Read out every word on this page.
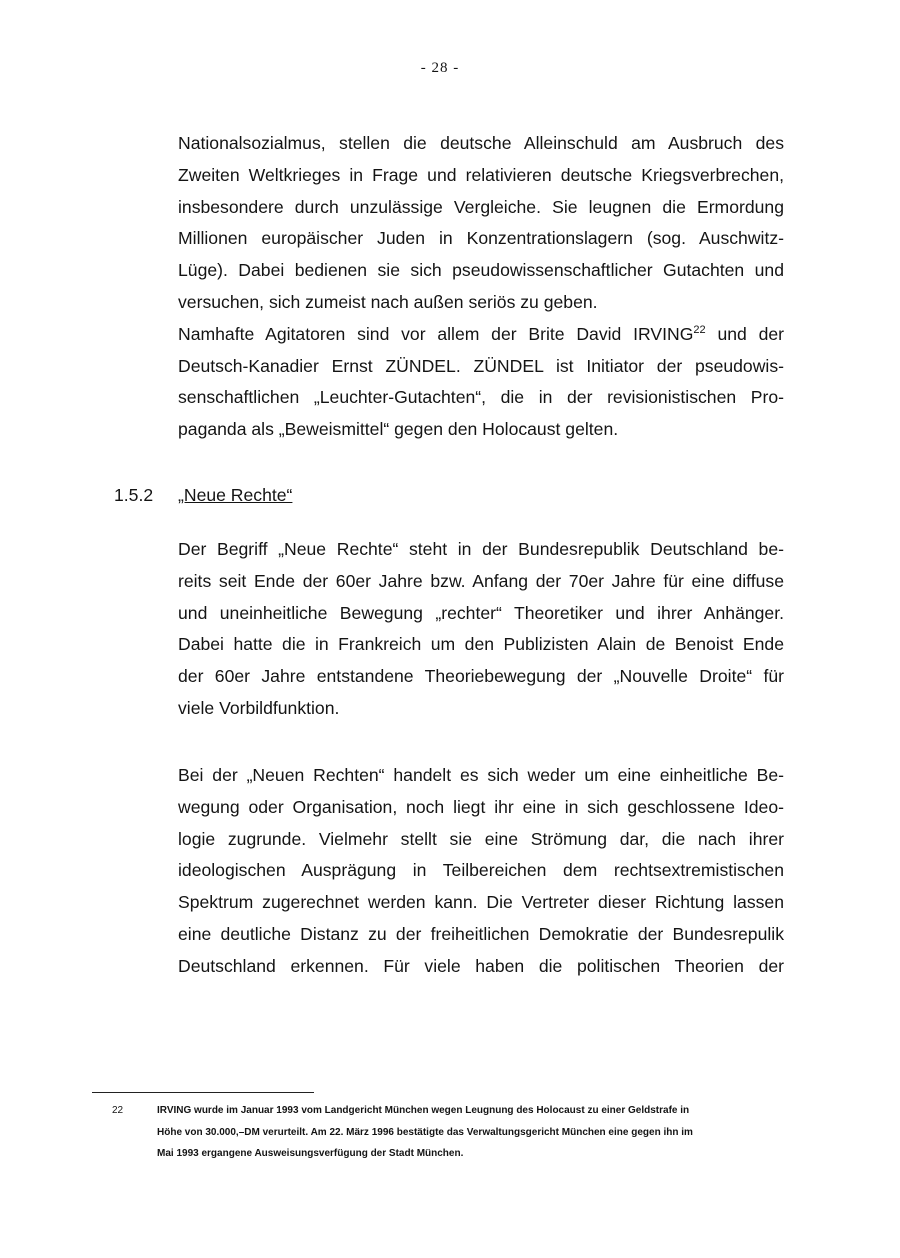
- 28 -
Nationalsozialmus, stellen die deutsche Alleinschuld am Ausbruch des
Zweiten Weltkrieges in Frage und relativieren deutsche Kriegsverbrechen,
insbesondere durch unzulässige Vergleiche. Sie leugnen die Ermordung
Millionen europäischer Juden in Konzentrationslagern (sog. Auschwitz-
Lüge). Dabei bedienen sie sich pseudowissenschaftlicher Gutachten und
versuchen, sich zumeist nach außen seriös zu geben.
Namhafte Agitatoren sind vor allem der Brite David IRVING$^{22}$ und der
Deutsch-Kanadier Ernst ZÜNDEL. ZÜNDEL ist Initiator der pseudowis-
senschaftlichen „Leuchter-Gutachten“, die in der revisionistischen Pro-
paganda als „Beweismittel“ gegen den Holocaust gelten.
1.5.2 „Neue Rechte“
Der Begriff „Neue Rechte“ steht in der Bundesrepublik Deutschland be-
reits seit Ende der 60er Jahre bzw. Anfang der 70er Jahre für eine diffuse
und uneinheitliche Bewegung „rechter“ Theoretiker und ihrer Anhänger.
Dabei hatte die in Frankreich um den Publizisten Alain de Benoist Ende
der 60er Jahre entstandene Theoriebewegung der „Nouvelle Droite“ für
viele Vorbildfunktion.
Bei der „Neuen Rechten“ handelt es sich weder um eine einheitliche Be-
wegung oder Organisation, noch liegt ihr eine in sich geschlossene Ideo-
logie zugrunde. Vielmehr stellt sie eine Strömung dar, die nach ihrer
ideologischen Ausprägung in Teilbereichen dem rechtsextremistischen
Spektrum zugerechnet werden kann. Die Vertreter dieser Richtung lassen
eine deutliche Distanz zu der freiheitlichen Demokratie der Bundesrepulik
Deutschland erkennen. Für viele haben die politischen Theorien der
22	IRVING wurde im Januar 1993 vom Landgericht München wegen Leugnung des Holocaust zu einer Geldstrafe in
Höhe von 30.000,–DM verurteilt. Am 22. März 1996 bestätigte das Verwaltungsgericht München eine gegen ihn im
Mai 1993 ergangene Ausweisungsverfügung der Stadt München.
